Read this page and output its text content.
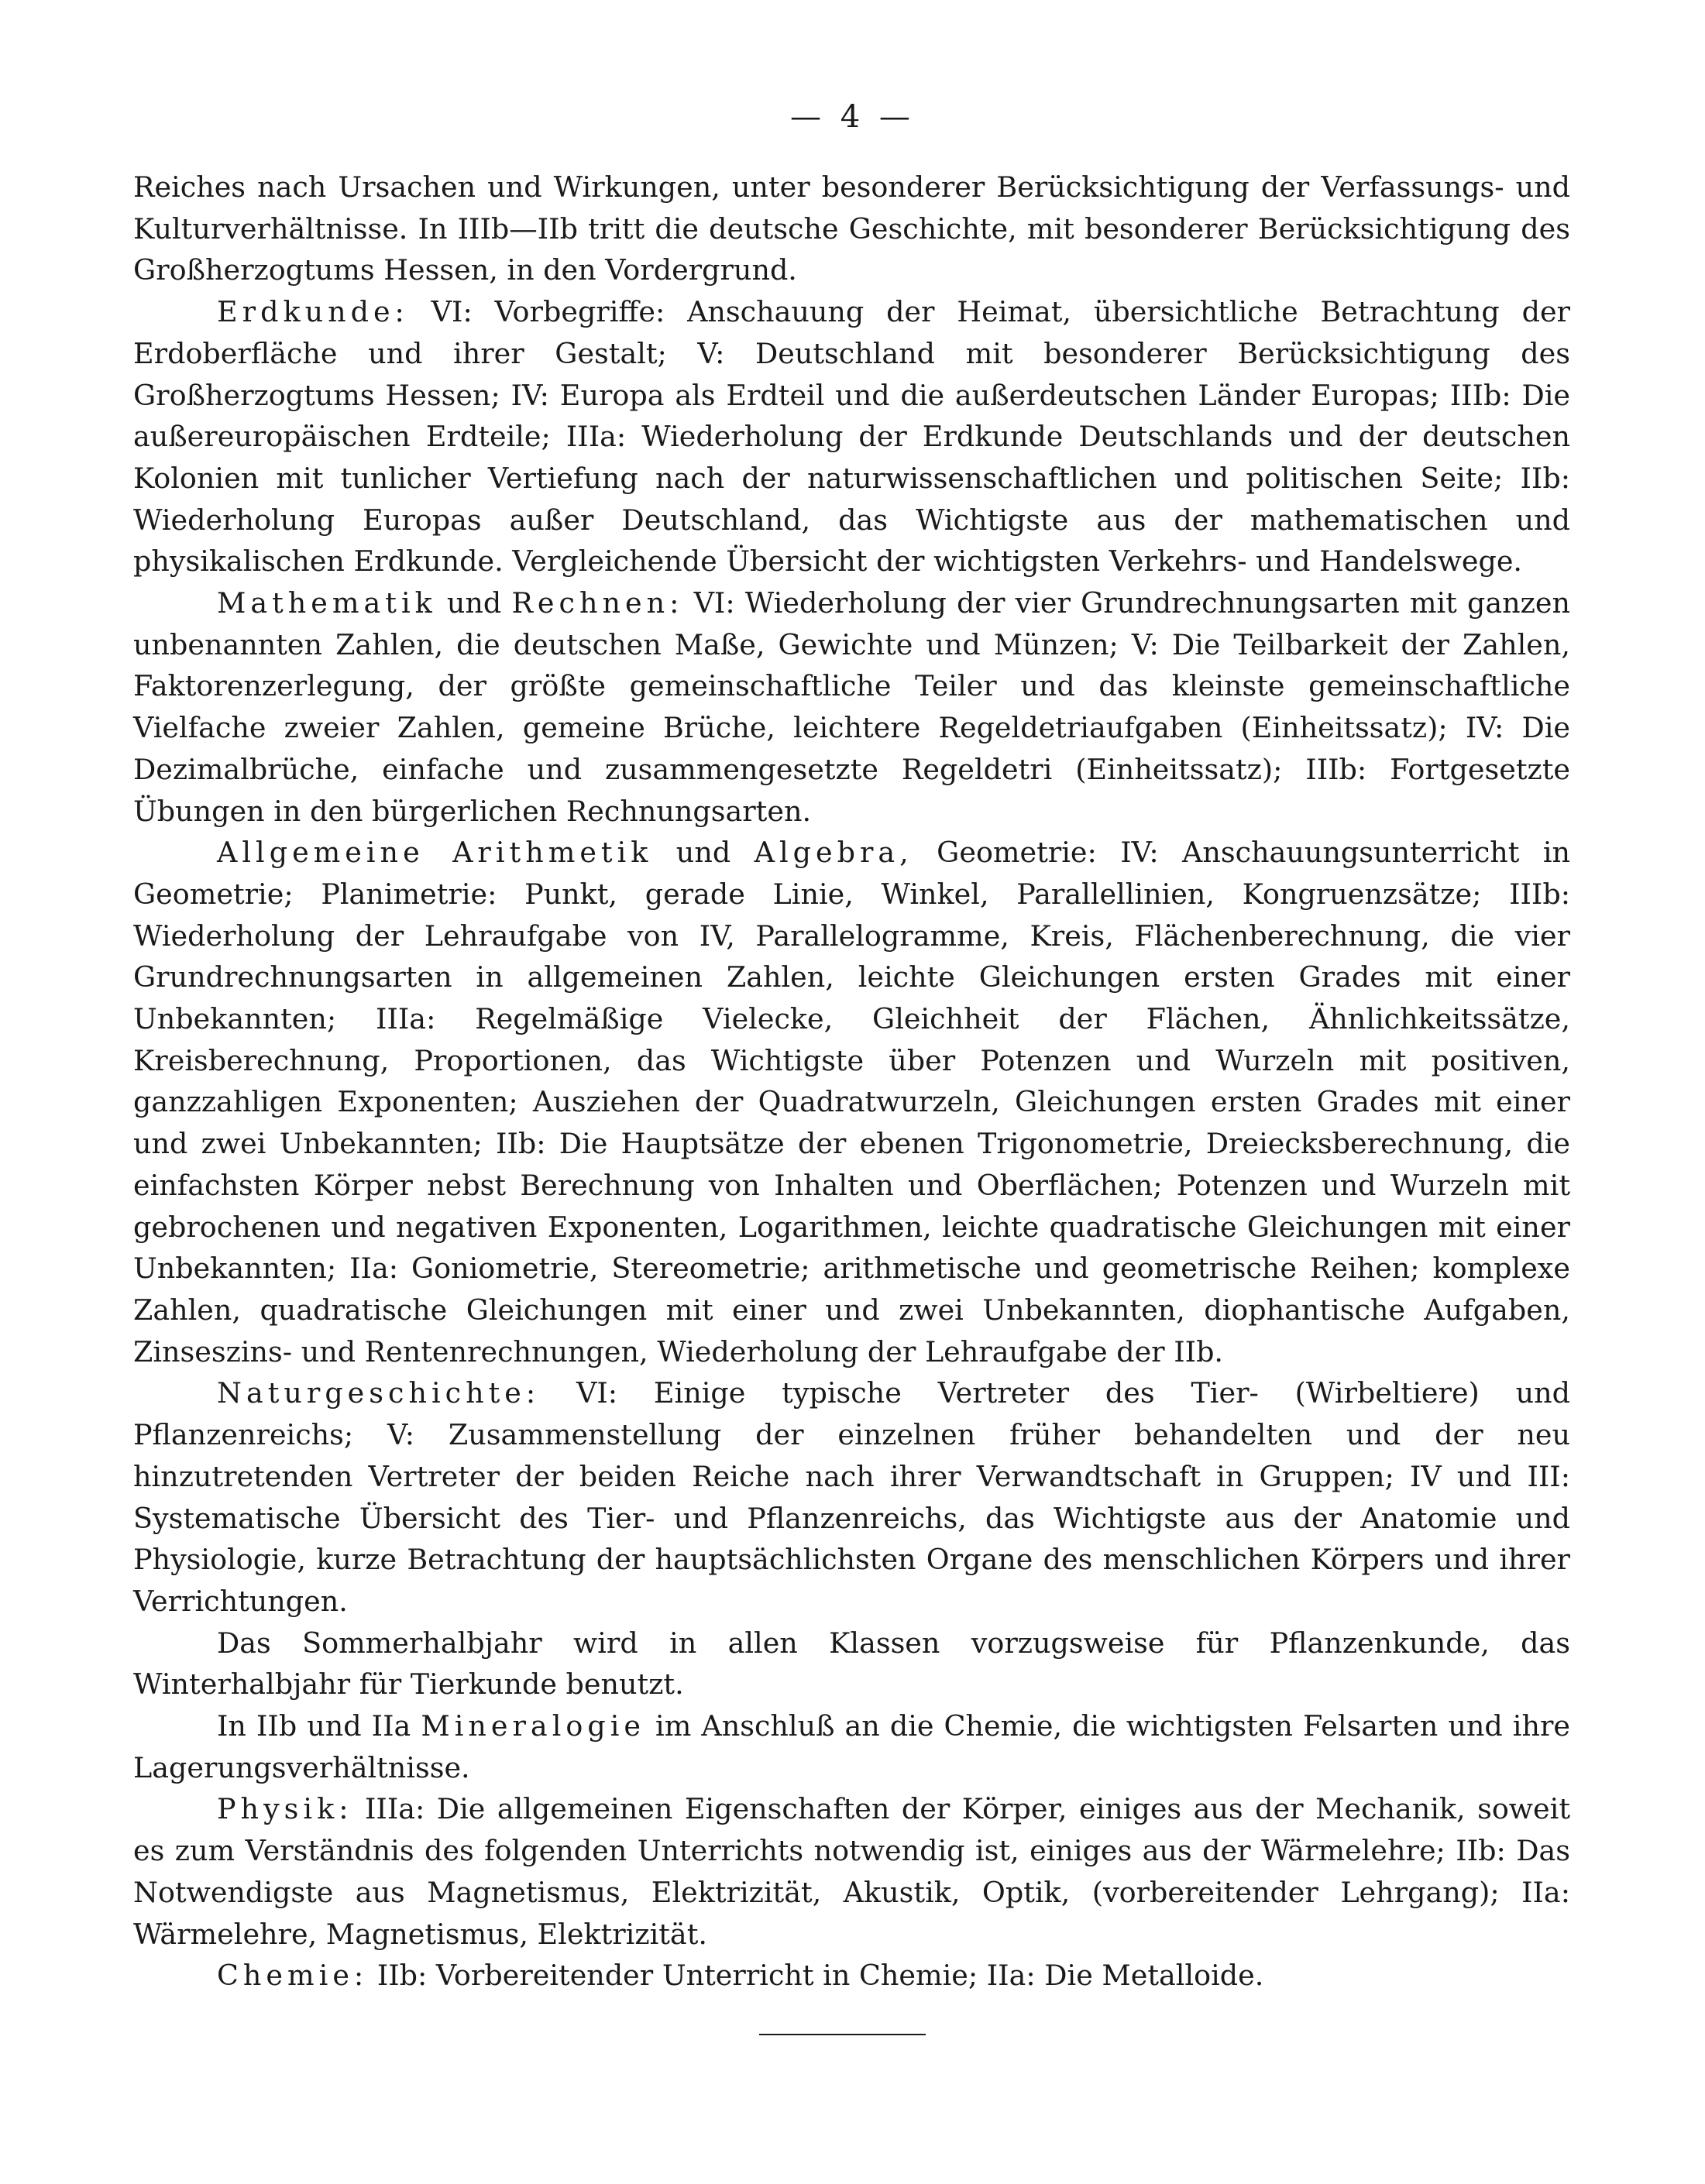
— 4 —

Reiches nach Ursachen und Wirkungen, unter besonderer Berücksichtigung der Verfassungs- und Kulturverhältnisse. In IIIb—IIb tritt die deutsche Geschichte, mit besonderer Berücksichtigung des Großherzogtums Hessen, in den Vordergrund.

Erdkunde: VI: Vorbegriffe: Anschauung der Heimat, übersichtliche Betrachtung der Erdoberfläche und ihrer Gestalt; V: Deutschland mit besonderer Berücksichtigung des Großherzogtums Hessen; IV: Europa als Erdteil und die außerdeutschen Länder Europas; IIIb: Die außereuropäischen Erdteile; IIIa: Wiederholung der Erdkunde Deutschlands und der deutschen Kolonien mit tunlicher Vertiefung nach der naturwissenschaftlichen und politischen Seite; IIb: Wiederholung Europas außer Deutschland, das Wichtigste aus der mathematischen und physikalischen Erdkunde. Vergleichende Übersicht der wichtigsten Verkehrs- und Handelswege.

Mathematik und Rechnen: VI: Wiederholung der vier Grundrechnungsarten mit ganzen unbenannten Zahlen, die deutschen Maße, Gewichte und Münzen; V: Die Teilbarkeit der Zahlen, Faktorenzerlegung, der größte gemeinschaftliche Teiler und das kleinste gemeinschaftliche Vielfache zweier Zahlen, gemeine Brüche, leichtere Regeldetriaufgaben (Einheitssatz); IV: Die Dezimalbrüche, einfache und zusammengesetzte Regeldetri (Einheitssatz); IIIb: Fortgesetzte Übungen in den bürgerlichen Rechnungsarten.

Allgemeine Arithmetik und Algebra, Geometrie: IV: Anschauungsunterricht in Geometrie; Planimetrie: Punkt, gerade Linie, Winkel, Parallellinien, Kongruenzsätze; IIIb: Wiederholung der Lehraufgabe von IV, Parallelogramme, Kreis, Flächenberechnung, die vier Grundrechnungsarten in allgemeinen Zahlen, leichte Gleichungen ersten Grades mit einer Unbekannten; IIIa: Regelmäßige Vielecke, Gleichheit der Flächen, Ähnlichkeitssätze, Kreisberechnung, Proportionen, das Wichtigste über Potenzen und Wurzeln mit positiven, ganzzahligen Exponenten; Ausziehen der Quadratwurzeln, Gleichungen ersten Grades mit einer und zwei Unbekannten; IIb: Die Hauptsätze der ebenen Trigonometrie, Dreiecksberechnung, die einfachsten Körper nebst Berechnung von Inhalten und Oberflächen; Potenzen und Wurzeln mit gebrochenen und negativen Exponenten, Logarithmen, leichte quadratische Gleichungen mit einer Unbekannten; IIa: Goniometrie, Stereometrie; arithmetische und geometrische Reihen; komplexe Zahlen, quadratische Gleichungen mit einer und zwei Unbekannten, diophantische Aufgaben, Zinseszins- und Rentenrechnungen, Wiederholung der Lehraufgabe der IIb.

Naturgeschichte: VI: Einige typische Vertreter des Tier- (Wirbeltiere) und Pflanzenreichs; V: Zusammenstellung der einzelnen früher behandelten und der neu hinzutretenden Vertreter der beiden Reiche nach ihrer Verwandtschaft in Gruppen; IV und III: Systematische Übersicht des Tier- und Pflanzenreichs, das Wichtigste aus der Anatomie und Physiologie, kurze Betrachtung der hauptsächlichsten Organe des menschlichen Körpers und ihrer Verrichtungen.

Das Sommerhalbjahr wird in allen Klassen vorzugsweise für Pflanzenkunde, das Winterhalbjahr für Tierkunde benutzt.

In IIb und IIa Mineralogie im Anschluß an die Chemie, die wichtigsten Felsarten und ihre Lagerungsverhältnisse.

Physik: IIIa: Die allgemeinen Eigenschaften der Körper, einiges aus der Mechanik, soweit es zum Verständnis des folgenden Unterrichts notwendig ist, einiges aus der Wärmelehre; IIb: Das Notwendigste aus Magnetismus, Elektrizität, Akustik, Optik, (vorbereitender Lehrgang); IIa: Wärmelehre, Magnetismus, Elektrizität.

Chemie: IIb: Vorbereitender Unterricht in Chemie; IIa: Die Metalloide.
